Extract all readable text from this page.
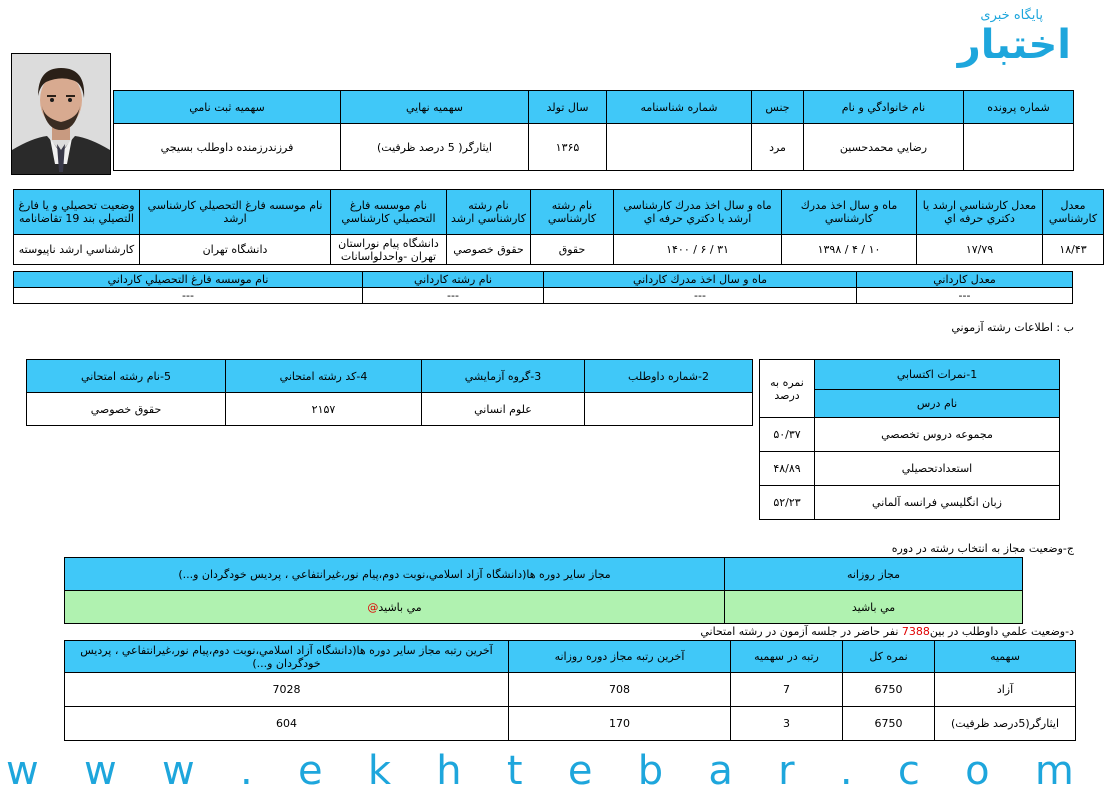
پایگاه خبری
اختبار
شماره پرونده	نام خانوادگي و نام	جنس	شماره شناسنامه	سال تولد	سهميه نهايي	سهميه ثبت نامي
	رضايي محمدحسين	مرد		۱۳۶۵	ايثارگر( 5 درصد ظرفيت)	فرزندرزمنده داوطلب بسيجي
معدل كارشناسي	معدل كارشناسي ارشد يا دكتري حرفه اي	ماه و سال اخذ مدرك كارشناسي	ماه و سال اخذ مدرك كارشناسي ارشد يا دكتري حرفه اي	نام رشته كارشناسي	نام رشته كارشناسي ارشد	نام موسسه فارغ التحصيلي كارشناسي	نام موسسه فارغ التحصيلي كارشناسي ارشد	وضعيت تحصيلي و يا فارغ التصيلي بند 19 تقاضانامه
۱۸/۴۳	۱۷/۷۹	۱۰ / ۴ / ۱۳۹۸	۳۱ / ۶ / ۱۴۰۰	حقوق	حقوق خصوصي	دانشگاه پيام نوراستان تهران -واحدلواسانات	دانشگاه تهران	كارشناسي ارشد ناپيوسته
معدل كارداني	ماه و سال اخذ مدرك كارداني	نام رشته كارداني	نام موسسه فارغ التحصيلي كارداني
---	---	---	---
ب : اطلاعات رشته آزموني
1-نمرات اكتسابي	نمره به درصد
نام درس	
مجموعه دروس تخصصي	۵۰/۳۷
استعدادتحصيلي	۴۸/۸۹
زبان انگليسي فرانسه آلماني	۵۲/۲۳
2-شماره داوطلب	3-گروه آزمايشي	4-كد رشته امتحاني	5-نام رشته امتحاني
	علوم انساني	۲۱۵۷	حقوق خصوصي
ج-وضعيت مجاز به انتخاب رشته در دوره
مجاز روزانه	مجاز ساير دوره ها(دانشگاه آزاد اسلامي،نوبت دوم،پيام نور،غيرانتفاعي ، پرديس خودگردان و...)
مي باشيد	مي باشيد@
د-وضعيت علمي داوطلب در بين7388 نفر حاضر در جلسه آزمون در رشته امتحاني
سهميه	نمره كل	رتبه در سهميه	آخرين رتبه مجاز دوره روزانه	آخرين رتبه مجاز ساير دوره ها(دانشگاه آزاد اسلامي،نوبت دوم،پيام نور،غيرانتفاعي ، پرديس خودگردان و...)
آزاد	6750	7	708	7028
ايثارگر(5درصد ظرفيت)	6750	3	170	604
w w w . e k h t e b a r . c o m
